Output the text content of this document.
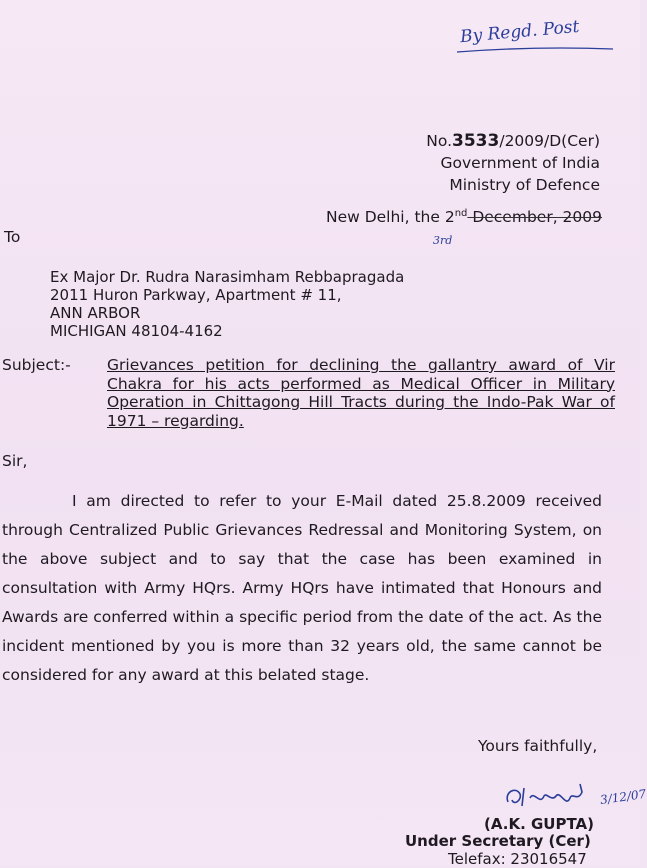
By Regd. Post
No.3533/2009/D(Cer)
Government of India
Ministry of Defence
New Delhi, the 2nd December, 2009
3rd
To
Ex Major Dr. Rudra Narasimham Rebbapragada
2011 Huron Parkway, Apartment # 11,
ANN ARBOR
MICHIGAN 48104-4162
Subject:- Grievances petition for declining the gallantry award of Vir Chakra for his acts performed as Medical Officer in Military Operation in Chittagong Hill Tracts during the Indo-Pak War of 1971 – regarding.
Sir,
I am directed to refer to your E-Mail dated 25.8.2009 received through Centralized Public Grievances Redressal and Monitoring System, on the above subject and to say that the case has been examined in consultation with Army HQrs. Army HQrs have intimated that Honours and Awards are conferred within a specific period from the date of the act. As the incident mentioned by you is more than 32 years old, the same cannot be considered for any award at this belated stage.
Yours faithfully,
3/12/07
(A.K. GUPTA)
Under Secretary (Cer)
Telefax: 23016547
